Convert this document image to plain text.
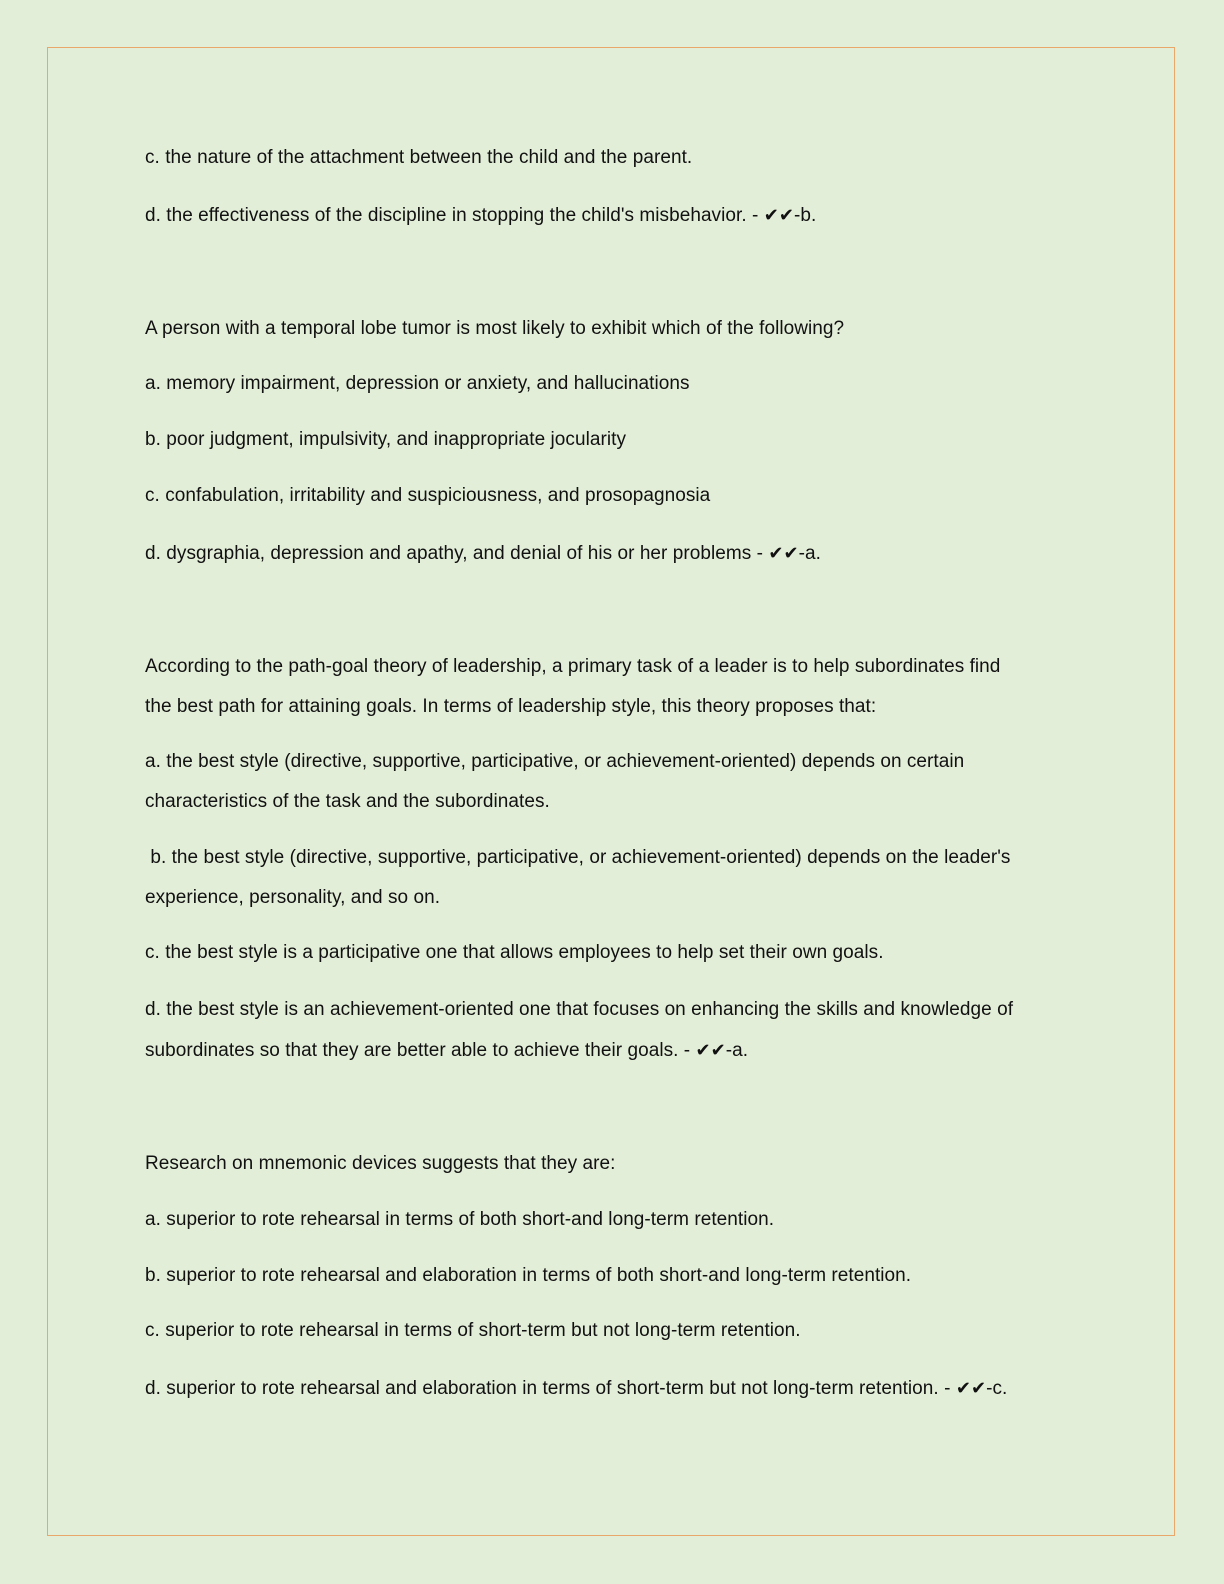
c. the nature of the attachment between the child and the parent.
d. the effectiveness of the discipline in stopping the child's misbehavior. - ✔✔-b.
A person with a temporal lobe tumor is most likely to exhibit which of the following?
a. memory impairment, depression or anxiety, and hallucinations
b. poor judgment, impulsivity, and inappropriate jocularity
c. confabulation, irritability and suspiciousness, and prosopagnosia
d. dysgraphia, depression and apathy, and denial of his or her problems - ✔✔-a.
According to the path-goal theory of leadership, a primary task of a leader is to help subordinates find
the best path for attaining goals. In terms of leadership style, this theory proposes that:
a. the best style (directive, supportive, participative, or achievement-oriented) depends on certain
characteristics of the task and the subordinates.
b. the best style (directive, supportive, participative, or achievement-oriented) depends on the leader's
experience, personality, and so on.
c. the best style is a participative one that allows employees to help set their own goals.
d. the best style is an achievement-oriented one that focuses on enhancing the skills and knowledge of
subordinates so that they are better able to achieve their goals. - ✔✔-a.
Research on mnemonic devices suggests that they are:
a. superior to rote rehearsal in terms of both short-and long-term retention.
b. superior to rote rehearsal and elaboration in terms of both short-and long-term retention.
c. superior to rote rehearsal in terms of short-term but not long-term retention.
d. superior to rote rehearsal and elaboration in terms of short-term but not long-term retention. - ✔✔-c.
